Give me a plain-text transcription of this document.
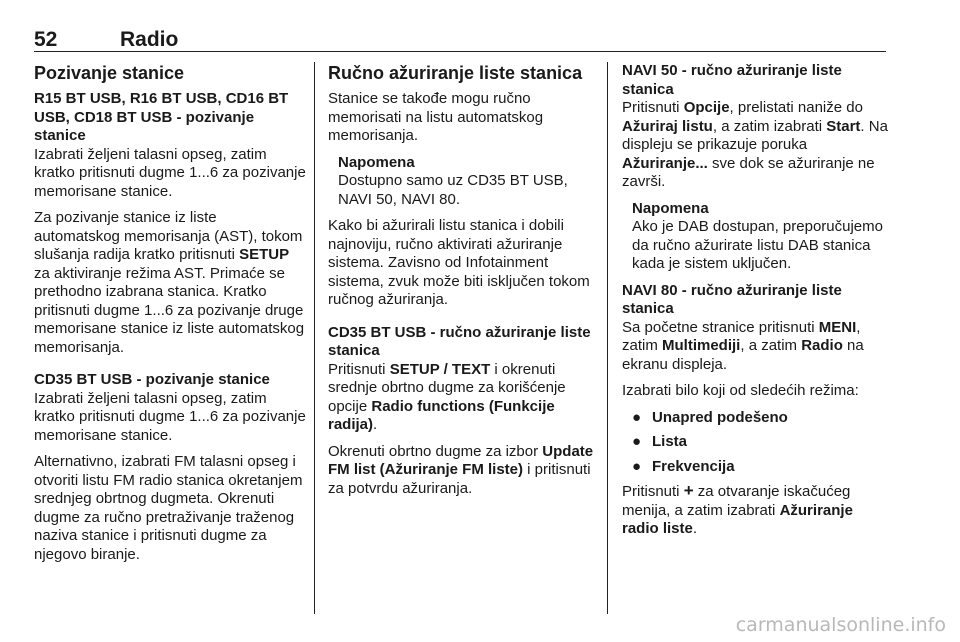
52	Radio
Pozivanje stanice
R15 BT USB, R16 BT USB, CD16 BT USB, CD18 BT USB - pozivanje stanice

Izabrati željeni talasni opseg, zatim kratko pritisnuti dugme 1...6 za pozivanje memorisane stanice.

Za pozivanje stanice iz liste automatskog memorisanja (AST), tokom slušanja radija kratko pritisnuti SETUP za aktiviranje režima AST. Primaće se prethodno izabrana stanica. Kratko pritisnuti dugme 1...6 za pozivanje druge memorisane stanice iz liste automatskog memorisanja.

CD35 BT USB - pozivanje stanice

Izabrati željeni talasni opseg, zatim kratko pritisnuti dugme 1...6 za pozivanje memorisane stanice.

Alternativno, izabrati FM talasni opseg i otvoriti listu FM radio stanica okretanjem srednjeg obrtnog dugmeta. Okrenuti dugme za ručno pretraživanje traženog naziva stanice i pritisnuti dugme za njegovo biranje.

Ručno ažuriranje liste stanica

Stanice se takođe mogu ručno memorisati na listu automatskog memorisanja.

Napomena
Dostupno samo uz CD35 BT USB, NAVI 50, NAVI 80.

Kako bi ažurirali listu stanica i dobili najnoviju, ručno aktivirati ažuriranje sistema. Zavisno od Infotainment sistema, zvuk može biti isključen tokom ručnog ažuriranja.

CD35 BT USB - ručno ažuriranje liste stanica

Pritisnuti SETUP / TEXT i okrenuti srednje obrtno dugme za korišćenje opcije Radio functions (Funkcije radija).

Okrenuti obrtno dugme za izbor Update FM list (Ažuriranje FM liste) i pritisnuti za potvrdu ažuriranja.

NAVI 50 - ručno ažuriranje liste stanica

Pritisnuti Opcije, prelistati naniže do Ažuriraj listu, a zatim izabrati Start. Na displeju se prikazuje poruka Ažuriranje... sve dok se ažuriranje ne završi.

Napomena
Ako je DAB dostupan, preporučujemo da ručno ažurirate listu DAB stanica kada je sistem uključen.
NAVI 80 - ručno ažuriranje liste stanica

Sa početne stranice pritisnuti MENI, zatim Multimediji, a zatim Radio na ekranu displeja.

Izabrati bilo koji od sledećih režima:

● Unapred podešeno
● Lista
● Frekvencija

Pritisnuti + za otvaranje iskačućeg menija, a zatim izabrati Ažuriranje radio liste.

carmanualsonline.info
